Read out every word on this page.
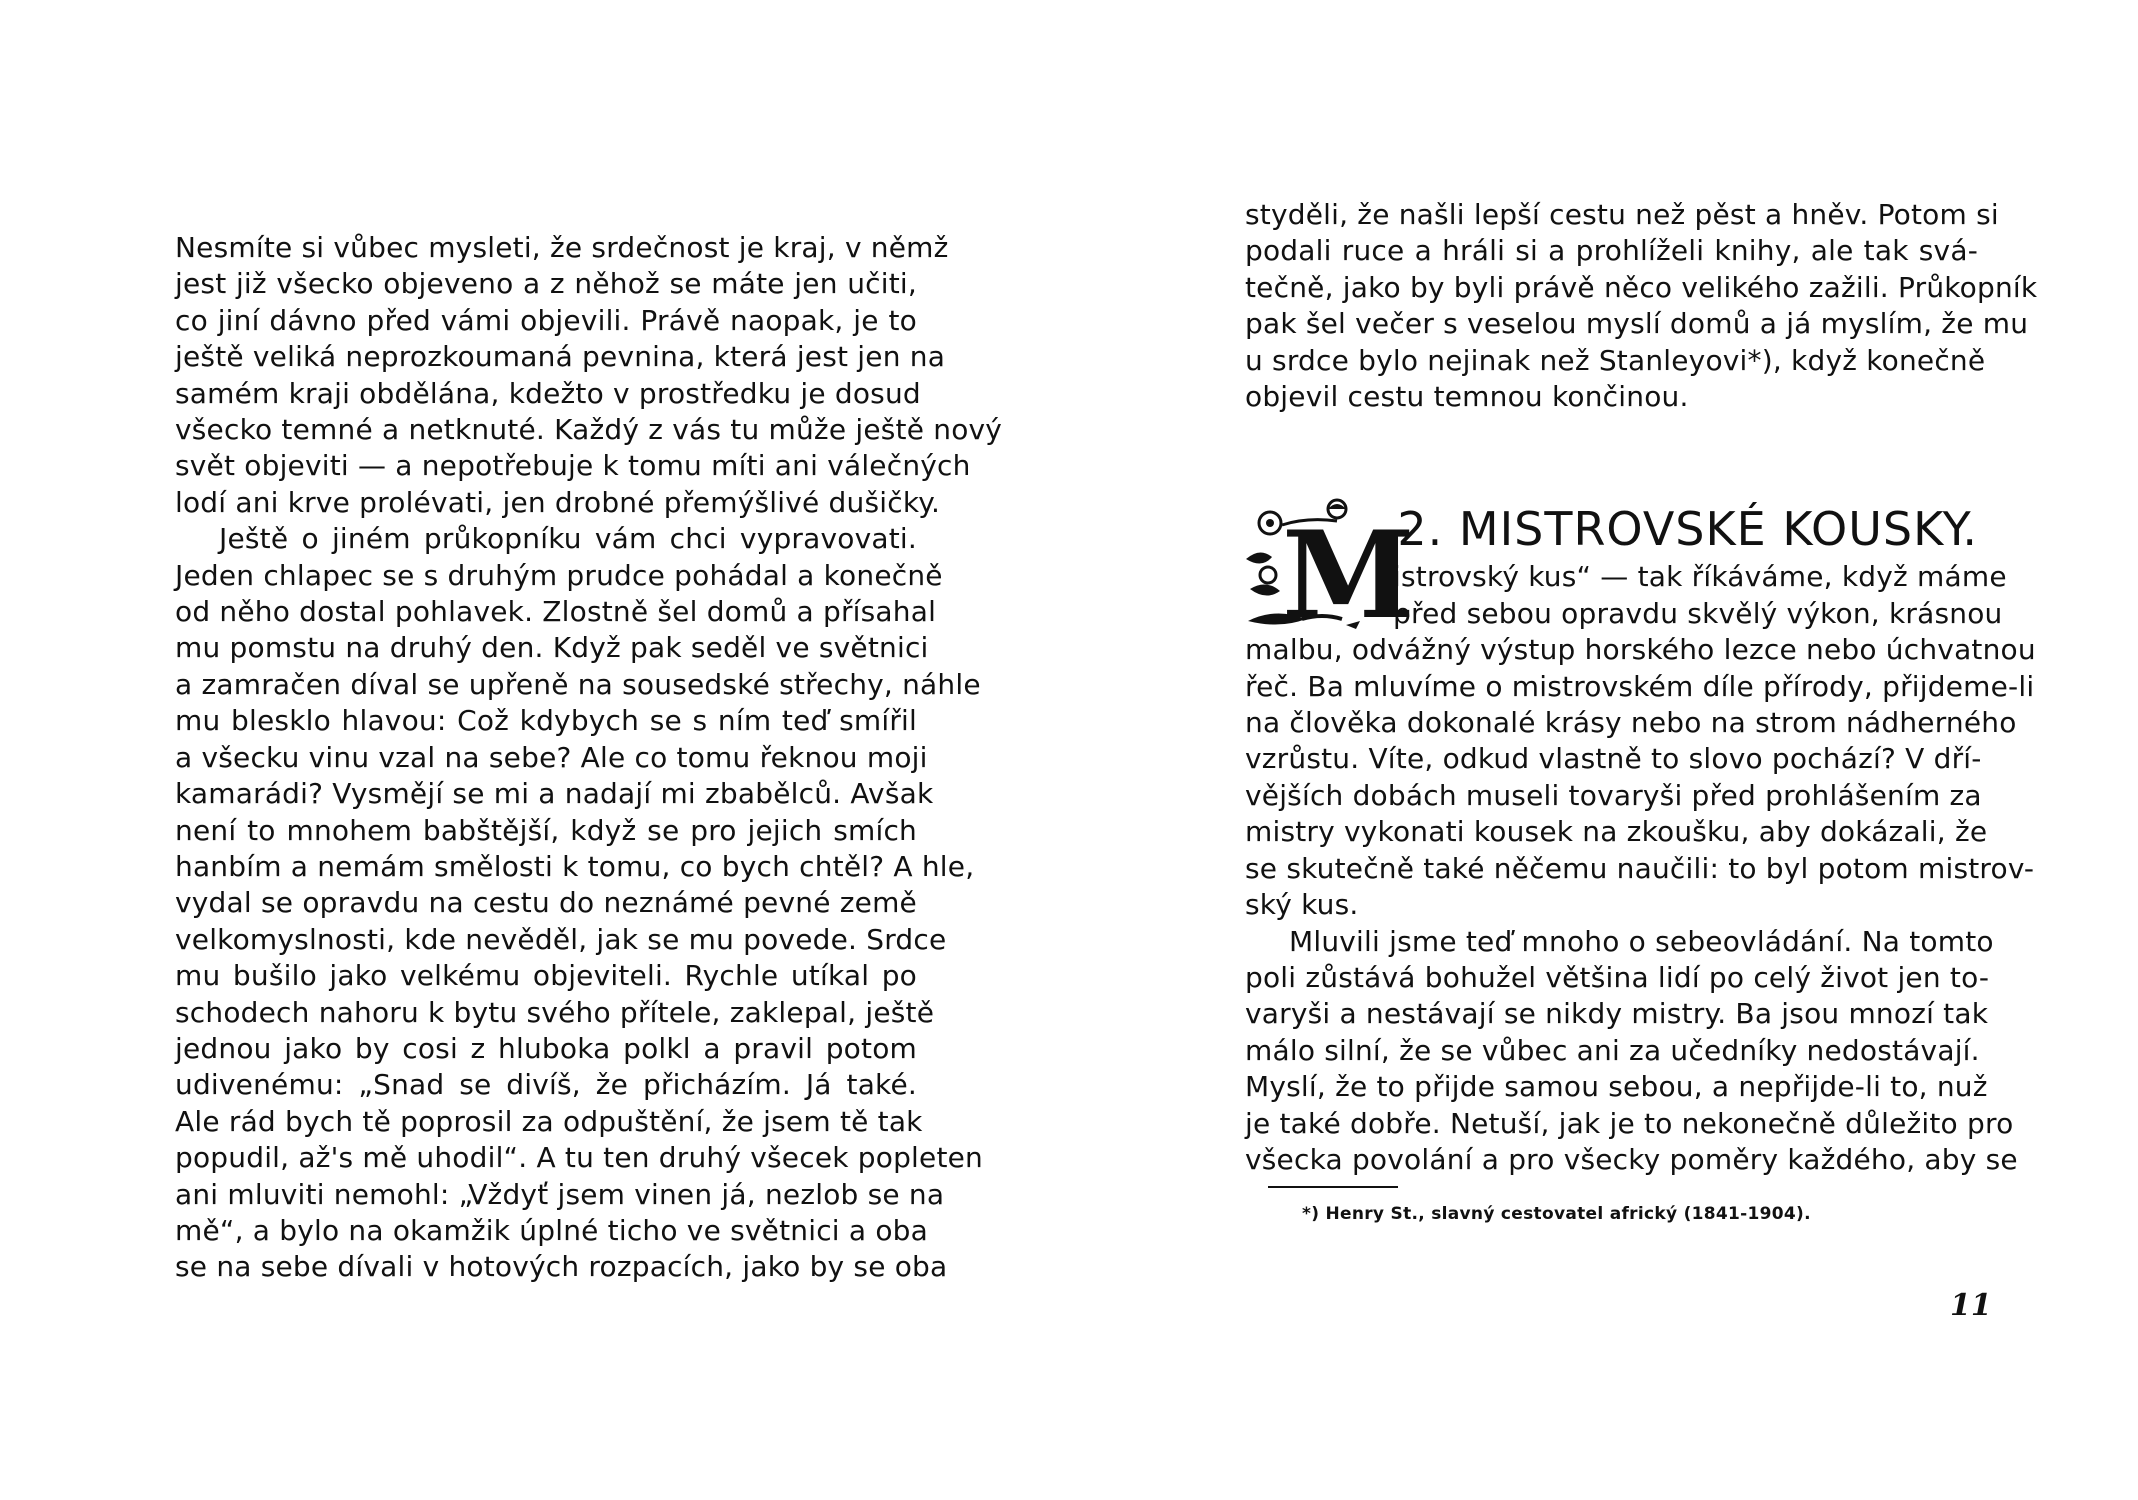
Nesmíte si vůbec mysleti, že srdečnost je kraj, v němž
jest již všecko objeveno a z něhož se máte jen učiti,
co jiní dávno před vámi objevili. Právě naopak, je to
ještě veliká neprozkoumaná pevnina, která jest jen na
samém kraji obdělána, kdežto v prostředku je dosud
všecko temné a netknuté. Každý z vás tu může ještě nový
svět objeviti — a nepotřebuje k tomu míti ani válečných
lodí ani krve prolévati, jen drobné přemýšlivé dušičky.
Ještě o jiném průkopníku vám chci vypravovati.
Jeden chlapec se s druhým prudce pohádal a konečně
od něho dostal pohlavek. Zlostně šel domů a přísahal
mu pomstu na druhý den. Když pak seděl ve světnici
a zamračen díval se upřeně na sousedské střechy, náhle
mu blesklo hlavou: Což kdybych se s ním teď smířil
a všecku vinu vzal na sebe? Ale co tomu řeknou moji
kamarádi? Vysmějí se mi a nadají mi zbabělců. Avšak
není to mnohem babštější, když se pro jejich smích
hanbím a nemám smělosti k tomu, co bych chtěl? A hle,
vydal se opravdu na cestu do neznámé pevné země
velkomyslnosti, kde nevěděl, jak se mu povede. Srdce
mu bušilo jako velkému objeviteli. Rychle utíkal po
schodech nahoru k bytu svého přítele, zaklepal, ještě
jednou jako by cosi z hluboka polkl a pravil potom
udivenému: „Snad se divíš, že přicházím. Já také.
Ale rád bych tě poprosil za odpuštění, že jsem tě tak
popudil, až's mě uhodil“. A tu ten druhý všecek popleten
ani mluviti nemohl: „Vždyť jsem vinen já, nezlob se na
mě“, a bylo na okamžik úplné ticho ve světnici a oba
se na sebe dívali v hotových rozpacích, jako by se oba
styděli, že našli lepší cestu než pěst a hněv. Potom si
podali ruce a hráli si a prohlíželi knihy, ale tak svá-
tečně, jako by byli právě něco velikého zažili. Průkopník
pak šel večer s veselou myslí domů a já myslím, že mu
u srdce bylo nejinak než Stanleyovi*), když konečně
objevil cestu temnou končinou.
M
2. MISTROVSKÉ KOUSKY.
istrovský kus“ — tak říkáváme, když máme
před sebou opravdu skvělý výkon, krásnou
malbu, odvážný výstup horského lezce nebo úchvatnou
řeč. Ba mluvíme o mistrovském díle přírody, přijdeme-li
na člověka dokonalé krásy nebo na strom nádherného
vzrůstu. Víte, odkud vlastně to slovo pochází? V dří-
vějších dobách museli tovaryši před prohlášením za
mistry vykonati kousek na zkoušku, aby dokázali, že
se skutečně také něčemu naučili: to byl potom mistrov-
ský kus.
Mluvili jsme teď mnoho o sebeovládání. Na tomto
poli zůstává bohužel většina lidí po celý život jen to-
varyši a nestávají se nikdy mistry. Ba jsou mnozí tak
málo silní, že se vůbec ani za učedníky nedostávají.
Myslí, že to přijde samou sebou, a nepřijde-li to, nuž
je také dobře. Netuší, jak je to nekonečně důležito pro
všecka povolání a pro všecky poměry každého, aby se
*) Henry St., slavný cestovatel africký (1841-1904).
11
